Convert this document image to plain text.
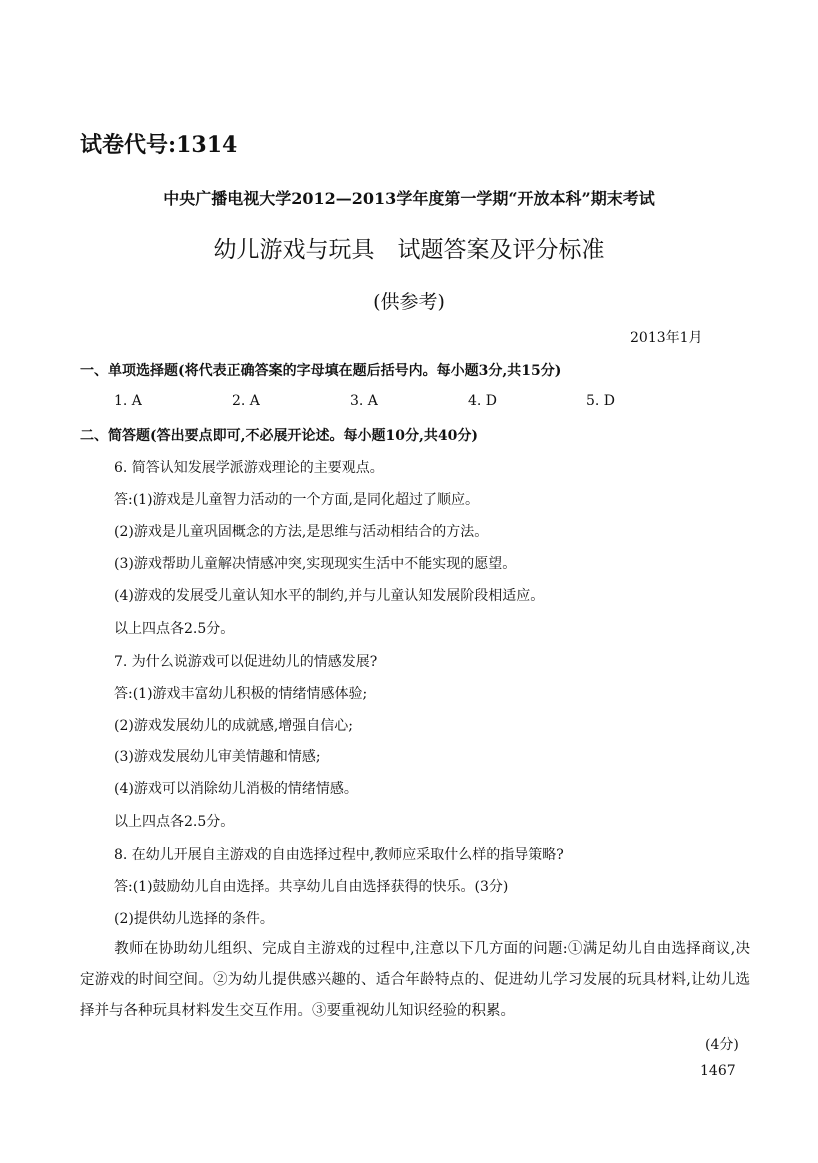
试卷代号:1314
中央广播电视大学2012—2013学年度第一学期“开放本科”期末考试
幼儿游戏与玩具　试题答案及评分标准
(供参考)
2013年1月
一、单项选择题(将代表正确答案的字母填在题后括号内。每小题3分,共15分)
1. A	2. A	3. A	4. D	5. D
二、简答题(答出要点即可,不必展开论述。每小题10分,共40分)
6. 简答认知发展学派游戏理论的主要观点。
答:(1)游戏是儿童智力活动的一个方面,是同化超过了顺应。
(2)游戏是儿童巩固概念的方法,是思维与活动相结合的方法。
(3)游戏帮助儿童解决情感冲突,实现现实生活中不能实现的愿望。
(4)游戏的发展受儿童认知水平的制约,并与儿童认知发展阶段相适应。
以上四点各2.5分。
7. 为什么说游戏可以促进幼儿的情感发展?
答:(1)游戏丰富幼儿积极的情绪情感体验;
(2)游戏发展幼儿的成就感,增强自信心;
(3)游戏发展幼儿审美情趣和情感;
(4)游戏可以消除幼儿消极的情绪情感。
以上四点各2.5分。
8. 在幼儿开展自主游戏的自由选择过程中,教师应采取什么样的指导策略?
答:(1)鼓励幼儿自由选择。共享幼儿自由选择获得的快乐。(3分)
(2)提供幼儿选择的条件。
教师在协助幼儿组织、完成自主游戏的过程中,注意以下几方面的问题:①满足幼儿自由选择商议,决定游戏的时间空间。②为幼儿提供感兴趣的、适合年龄特点的、促进幼儿学习发展的玩具材料,让幼儿选择并与各种玩具材料发生交互作用。③要重视幼儿知识经验的积累。
(4分)
1467
